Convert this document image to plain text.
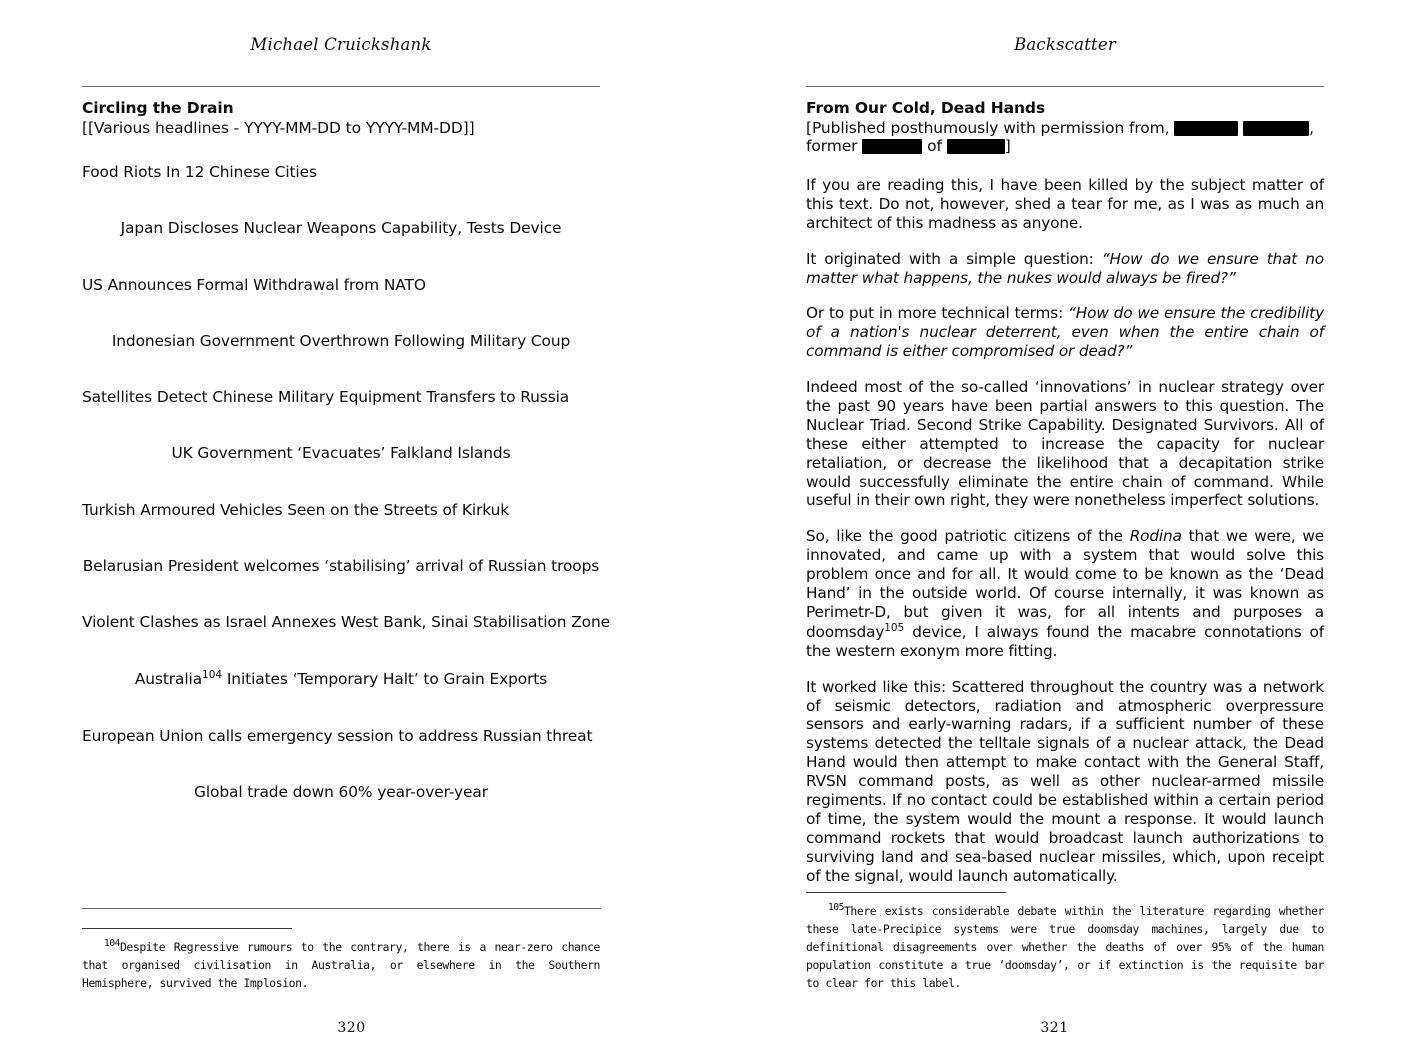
Michael Cruickshank
Circling the Drain
[[Various headlines - YYYY-MM-DD to YYYY-MM-DD]]
Food Riots In 12 Chinese Cities
Japan Discloses Nuclear Weapons Capability, Tests Device
US Announces Formal Withdrawal from NATO
Indonesian Government Overthrown Following Military Coup
Satellites Detect Chinese Military Equipment Transfers to Russia
UK Government ‘Evacuates’ Falkland Islands
Turkish Armoured Vehicles Seen on the Streets of Kirkuk
Belarusian President welcomes ‘stabilising’ arrival of Russian troops
Violent Clashes as Israel Annexes West Bank, Sinai Stabilisation Zone
Australia$^{104}$ Initiates ‘Temporary Halt’ to Grain Exports
European Union calls emergency session to address Russian threat
Global trade down 60% year-over-year
$^{104}$Despite Regressive rumours to the contrary, there is a near-zero chance that organised civilisation in Australia, or elsewhere in the Southern Hemisphere, survived the Implosion.
320
Backscatter
From Our Cold, Dead Hands
[Published posthumously with permission from,	, former	of	]

If you are reading this, I have been killed by the subject matter of this text. Do not, however, shed a tear for me, as I was as much an architect of this madness as anyone.

It originated with a simple question: “How do we ensure that no matter what happens, the nukes would always be fired?”

Or to put in more technical terms: “How do we ensure the credibility of a nation's nuclear deterrent, even when the entire chain of command is either compromised or dead?”

Indeed most of the so-called ‘innovations’ in nuclear strategy over the past 90 years have been partial answers to this question. The Nuclear Triad. Second Strike Capability. Designated Survivors. All of these either attempted to increase the capacity for nuclear retaliation, or decrease the likelihood that a decapitation strike would successfully eliminate the entire chain of command. While useful in their own right, they were nonetheless imperfect solutions.

So, like the good patriotic citizens of the Rodina that we were, we innovated, and came up with a system that would solve this problem once and for all. It would come to be known as the ‘Dead Hand’ in the outside world. Of course internally, it was known as Perimetr-D, but given it was, for all intents and purposes a doomsday$^{105}$ device, I always found the macabre connotations of the western exonym more fitting.

It worked like this: Scattered throughout the country was a network of seismic detectors, radiation and atmospheric overpressure sensors and early-warning radars, if a sufficient number of these systems detected the telltale signals of a nuclear attack, the Dead Hand would then attempt to make contact with the General Staff, RVSN command posts, as well as other nuclear-armed missile regiments. If no contact could be established within a certain period of time, the system would the mount a response. It would launch command rockets that would broadcast launch authorizations to surviving land and sea-based nuclear missiles, which, upon receipt of the signal, would launch automatically.

$^{105}$There exists considerable debate within the literature regarding whether these late-Precipice systems were true doomsday machines, largely due to definitional disagreements over whether the deaths of over 95% of the human population constitute a true ‘doomsday’, or if extinction is the requisite bar to clear for this label.
321
